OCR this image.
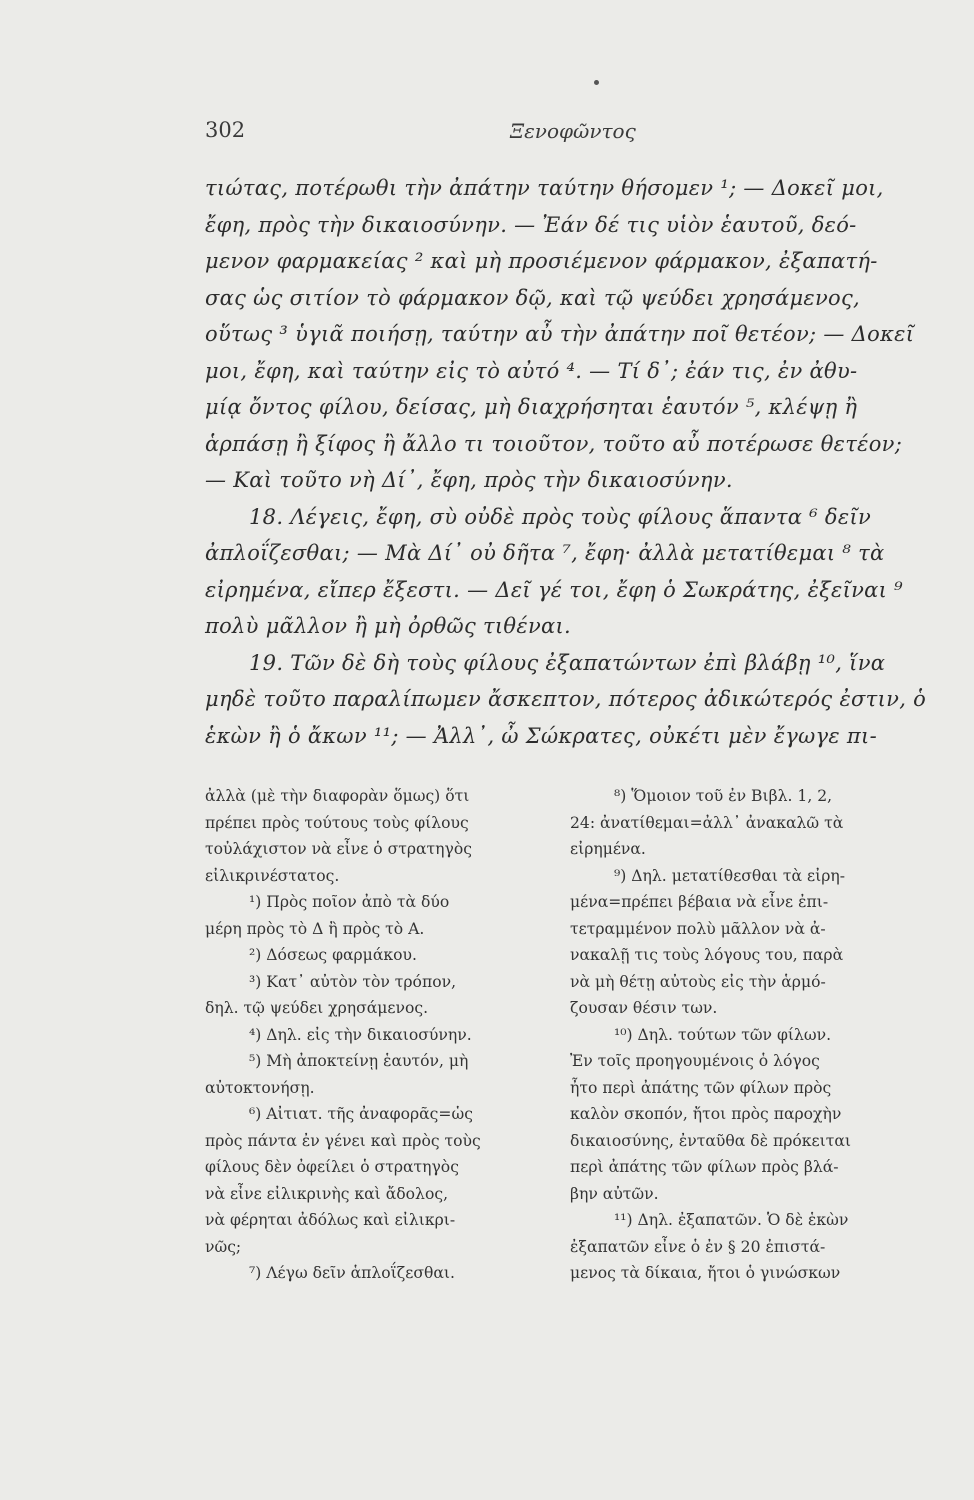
302	Ξενοφῶντος
τιώτας, ποτέρωθι τὴν ἀπάτην ταύτην θήσομεν ¹; — Δοκεῖ μοι,
ἔφη, πρὸς τὴν δικαιοσύνην. — Ἐάν δέ τις υἱὸν ἑαυτοῦ, δεό-
μενον φαρμακείας ² καὶ μὴ προσιέμενον φάρμακον, ἐξαπατή-
σας ὡς σιτίον τὸ φάρμακον δῷ, καὶ τῷ ψεύδει χρησάμενος,
οὕτως ³ ὑγιᾶ ποιήσῃ, ταύτην αὖ τὴν ἀπάτην ποῖ θετέον; — Δοκεῖ
μοι, ἔφη, καὶ ταύτην εἰς τὸ αὐτό ⁴. — Τί δ᾽; ἐάν τις, ἐν ἀθυ-
μίᾳ ὄντος φίλου, δείσας, μὴ διαχρήσηται ἑαυτόν ⁵, κλέψῃ ἢ
ἁρπάσῃ ἢ ξίφος ἢ ἄλλο τι τοιοῦτον, τοῦτο αὖ ποτέρωσε θετέον;
— Καὶ τοῦτο νὴ Δί᾽, ἔφη, πρὸς τὴν δικαιοσύνην.
18. Λέγεις, ἔφη, σὺ οὐδὲ πρὸς τοὺς φίλους ἅπαντα ⁶ δεῖν
ἀπλοΐζεσθαι; — Μὰ Δί᾽ οὐ δῆτα ⁷, ἔφη· ἀλλὰ μετατίθεμαι ⁸ τὰ
εἰρημένα, εἴπερ ἔξεστι. — Δεῖ γέ τοι, ἔφη ὁ Σωκράτης, ἐξεῖναι ⁹
πολὺ μᾶλλον ἢ μὴ ὀρθῶς τιθέναι.
19. Τῶν δὲ δὴ τοὺς φίλους ἐξαπατώντων ἐπὶ βλάβῃ ¹⁰, ἵνα
μηδὲ τοῦτο παραλίπωμεν ἄσκεπτον, πότερος ἀδικώτερός ἐστιν, ὁ
ἑκὼν ἢ ὁ ἄκων ¹¹; — Ἀλλ᾽, ὦ Σώκρατες, οὐκέτι μὲν ἔγωγε πι-
ἀλλὰ (μὲ τὴν διαφορὰν ὅμως) ὅτι
πρέπει πρὸς τούτους τοὺς φίλους
τοὐλάχιστον νὰ εἶνε ὁ στρατηγὸς
εἰλικρινέστατος.
¹) Πρὸς ποῖον ἀπὸ τὰ δύο
μέρη πρὸς τὸ Δ ἢ πρὸς τὸ Α.
²) Δόσεως φαρμάκου.
³) Κατ᾽ αὐτὸν τὸν τρόπον,
δηλ. τῷ ψεύδει χρησάμενος.
⁴) Δηλ. εἰς τὴν δικαιοσύνην.
⁵) Μὴ ἀποκτείνῃ ἑαυτόν, μὴ
αὐτοκτονήσῃ.
⁶) Αἰτιατ. τῆς ἀναφορᾶς=ὡς
πρὸς πάντα ἐν γένει καὶ πρὸς τοὺς
φίλους δὲν ὀφείλει ὁ στρατηγὸς
νὰ εἶνε εἰλικρινὴς καὶ ἄδολος,
νὰ φέρηται ἀδόλως καὶ εἰλικρι-
νῶς;
⁷) Λέγω δεῖν ἁπλοΐζεσθαι.
⁸) Ὅμοιον τοῦ ἐν Βιβλ. 1, 2,
24: ἀνατίθεμαι=ἀλλ᾽ ἀνακαλῶ τὰ
εἰρημένα.
⁹) Δηλ. μετατίθεσθαι τὰ εἰρη-
μένα=πρέπει βέβαια νὰ εἶνε ἐπι-
τετραμμένον πολὺ μᾶλλον νὰ ἀ-
νακαλῇ τις τοὺς λόγους του, παρὰ
νὰ μὴ θέτῃ αὐτοὺς εἰς τὴν ἁρμό-
ζουσαν θέσιν των.
¹⁰) Δηλ. τούτων τῶν φίλων.
Ἐν τοῖς προηγουμένοις ὁ λόγος
ἦτο περὶ ἀπάτης τῶν φίλων πρὸς
καλὸν σκοπόν, ἤτοι πρὸς παροχὴν
δικαιοσύνης, ἐνταῦθα δὲ πρόκειται
περὶ ἀπάτης τῶν φίλων πρὸς βλά-
βην αὐτῶν.
¹¹) Δηλ. ἐξαπατῶν. Ὁ δὲ ἑκὼν
ἐξαπατῶν εἶνε ὁ ἐν § 20 ἐπιστά-
μενος τὰ δίκαια, ἤτοι ὁ γινώσκων
